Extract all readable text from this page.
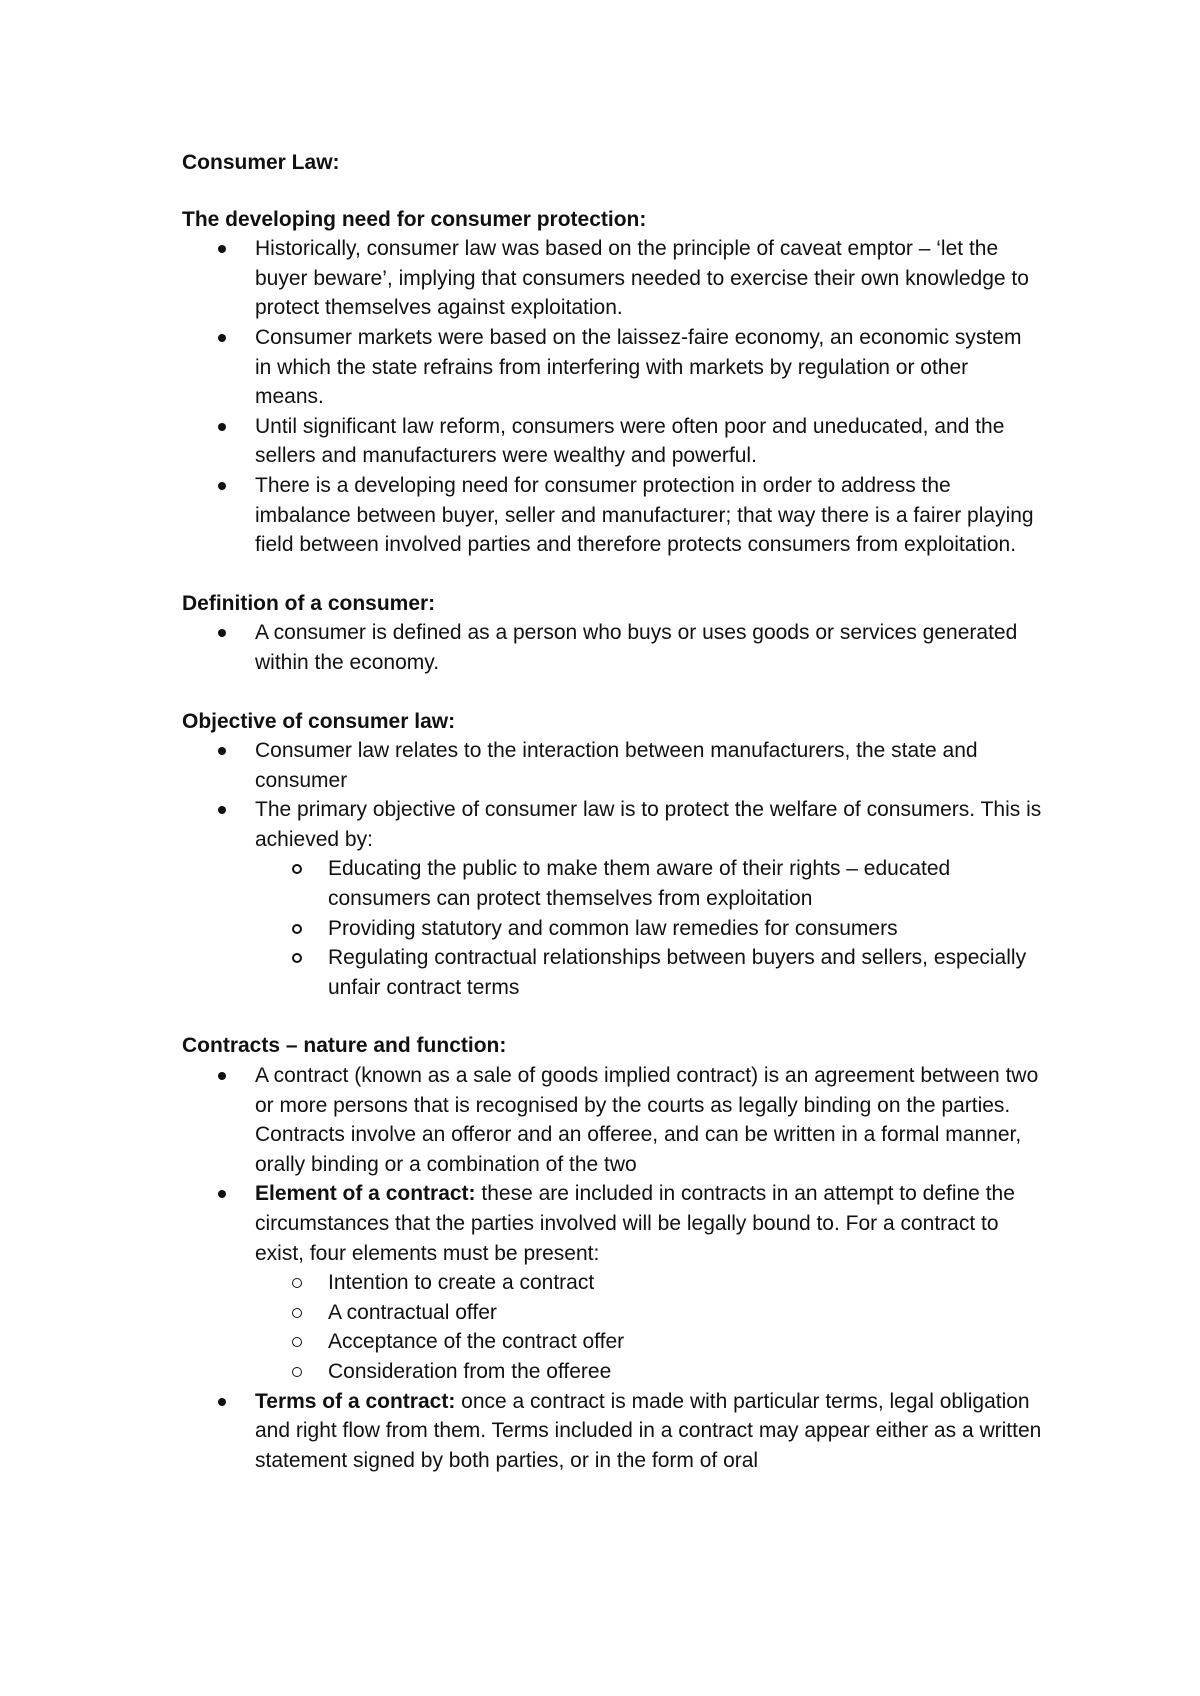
Consumer Law:

The developing need for consumer protection:

Historically, consumer law was based on the principle of caveat emptor – ‘let the buyer beware’, implying that consumers needed to exercise their own knowledge to protect themselves against exploitation.
Consumer markets were based on the laissez-faire economy, an economic system in which the state refrains from interfering with markets by regulation or other means.
Until significant law reform, consumers were often poor and uneducated, and the sellers and manufacturers were wealthy and powerful.
There is a developing need for consumer protection in order to address the imbalance between buyer, seller and manufacturer; that way there is a fairer playing field between involved parties and therefore protects consumers from exploitation.

Definition of a consumer:

A consumer is defined as a person who buys or uses goods or services generated within the economy.

Objective of consumer law:

Consumer law relates to the interaction between manufacturers, the state and consumer
The primary objective of consumer law is to protect the welfare of consumers. This is achieved by:
Educating the public to make them aware of their rights – educated consumers can protect themselves from exploitation
Providing statutory and common law remedies for consumers
Regulating contractual relationships between buyers and sellers, especially unfair contract terms

Contracts – nature and function:

A contract (known as a sale of goods implied contract) is an agreement between two or more persons that is recognised by the courts as legally binding on the parties. Contracts involve an offeror and an offeree, and can be written in a formal manner, orally binding or a combination of the two
Element of a contract: these are included in contracts in an attempt to define the circumstances that the parties involved will be legally bound to. For a contract to exist, four elements must be present:
Intention to create a contract
A contractual offer
Acceptance of the contract offer
Consideration from the offeree
Terms of a contract: once a contract is made with particular terms, legal obligation and right flow from them. Terms included in a contract may appear either as a written statement signed by both parties, or in the form of oral
